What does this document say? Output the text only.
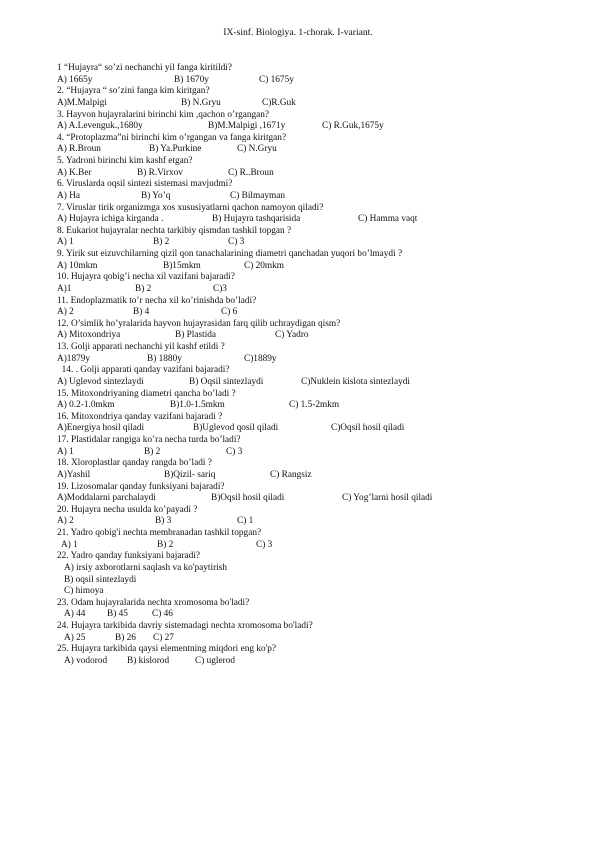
IX-sinf. Biologiya. 1-chorak. I-variant.
1 “Hujayra“ so’zi nechanchi yil fanga kiritildi?
A) 1665y	B) 1670y	C) 1675y
2. “Hujayra “ so’zini fanga kim kiritgan?
A)M.Malpigi	B) N.Gryu	C)R.Guk
3. Hayvon hujayralarini birinchi kim ,qachon o’rgangan?
A) A.Levenguk.,1680y	B)M.Malpigi ,1671y	C) R.Guk,1675y
4. “Protoplazma”ni birinchi kim o’rgangan va fanga kiritgan?
A) R.Broun	B) Ya.Purkine	C) N.Gryu
5. Yadroni birinchi kim kashf etgan?
A) K.Ber	B) R.Virxov	C) R..Broun
6. Viruslarda oqsil sintezi sistemasi mavjudmi?
A) Ha	B) Yo’q	C) Bilmayman
7. Viruslar tirik organizmga xos xususiyatlarni qachon namoyon qiladi?
A) Hujayra ichiga kirganda .	B) Hujayra tashqarisida	C) Hamma vaqt
8. Eukariot hujayralar nechta tarkibiy qismdan tashkil topgan ?
A) 1	B) 2	C) 3
9. Yirik sut eizuvchilarning qizil qon tanachalarining diametri qanchadan yuqori bo’lmaydi ?
A) 10mkm	B)15mkm	C) 20mkm
10. Hujayra qobig’i necha xil vazifani bajaradi?
A)1	B) 2	C)3
11. Endoplazmatik to’r necha xil ko’rinishda bo’ladi?
A) 2	B) 4	C) 6
12. O’simlik ho’yralarida hayvon hujayrasidan farq qilib uchraydigan qism?
A) Mitoxondriya	B) Plastida	C) Yadro
13. Golji apparati nechanchi yil kashf etildi ?
A)1879y	B) 1880y	C)1889y
14. . Golji apparati qanday vazifani bajaradi?
A) Uglevod sintezlaydi	B) Oqsil sintezlaydi	C)Nuklein kislota sintezlaydi
15. Mitoxondriyaning diametri qancha bo’ladi ?
A) 0.2-1.0mkm	B)1.0-1.5mkm	C) 1.5-2mkm
16. Mitoxondriya qanday vazifani bajaradi ?
A)Energiya hosil qiladi	B)Uglevod qosil qiladi	C)Oqsil hosil qiladi
17. Plastidalar rangiga ko’ra necha turda bo’ladi?
A) 1	B) 2	C) 3
18. Xloroplastlar qanday rangda bo’ladi ?
A)Yashil	B)Qizil- sariq	C) Rangsiz
19. Lizosomalar qanday funksiyani bajaradi?
A)Moddalarni parchalaydi	B)Oqsil hosil qiladi	C) Yog’larni hosil qiladi
20. Hujayra necha usulda ko’payadi ?
A) 2	B) 3	C) 1
21. Yadro qobig'i nechta membranadan tashkil topgan?
A) 1	B) 2	C) 3
22. Yadro qanday funksiyani bajaradi?
A) irsiy axborotlarni saqlash va ko'paytirish
B) oqsil sintezlaydi
C) himoya
23. Odam hujayralarida nechta xromosoma bo'ladi?
A) 44 B) 45	C) 46
24. Hujayra tarkibida davriy sistemadagi nechta xromosoma bo'ladi?
A) 25	B) 26 C) 27
25. Hujayra tarkibida qaysi elementning miqdori eng ko'p?
A) vodorod B) kislorod	C) uglerod
